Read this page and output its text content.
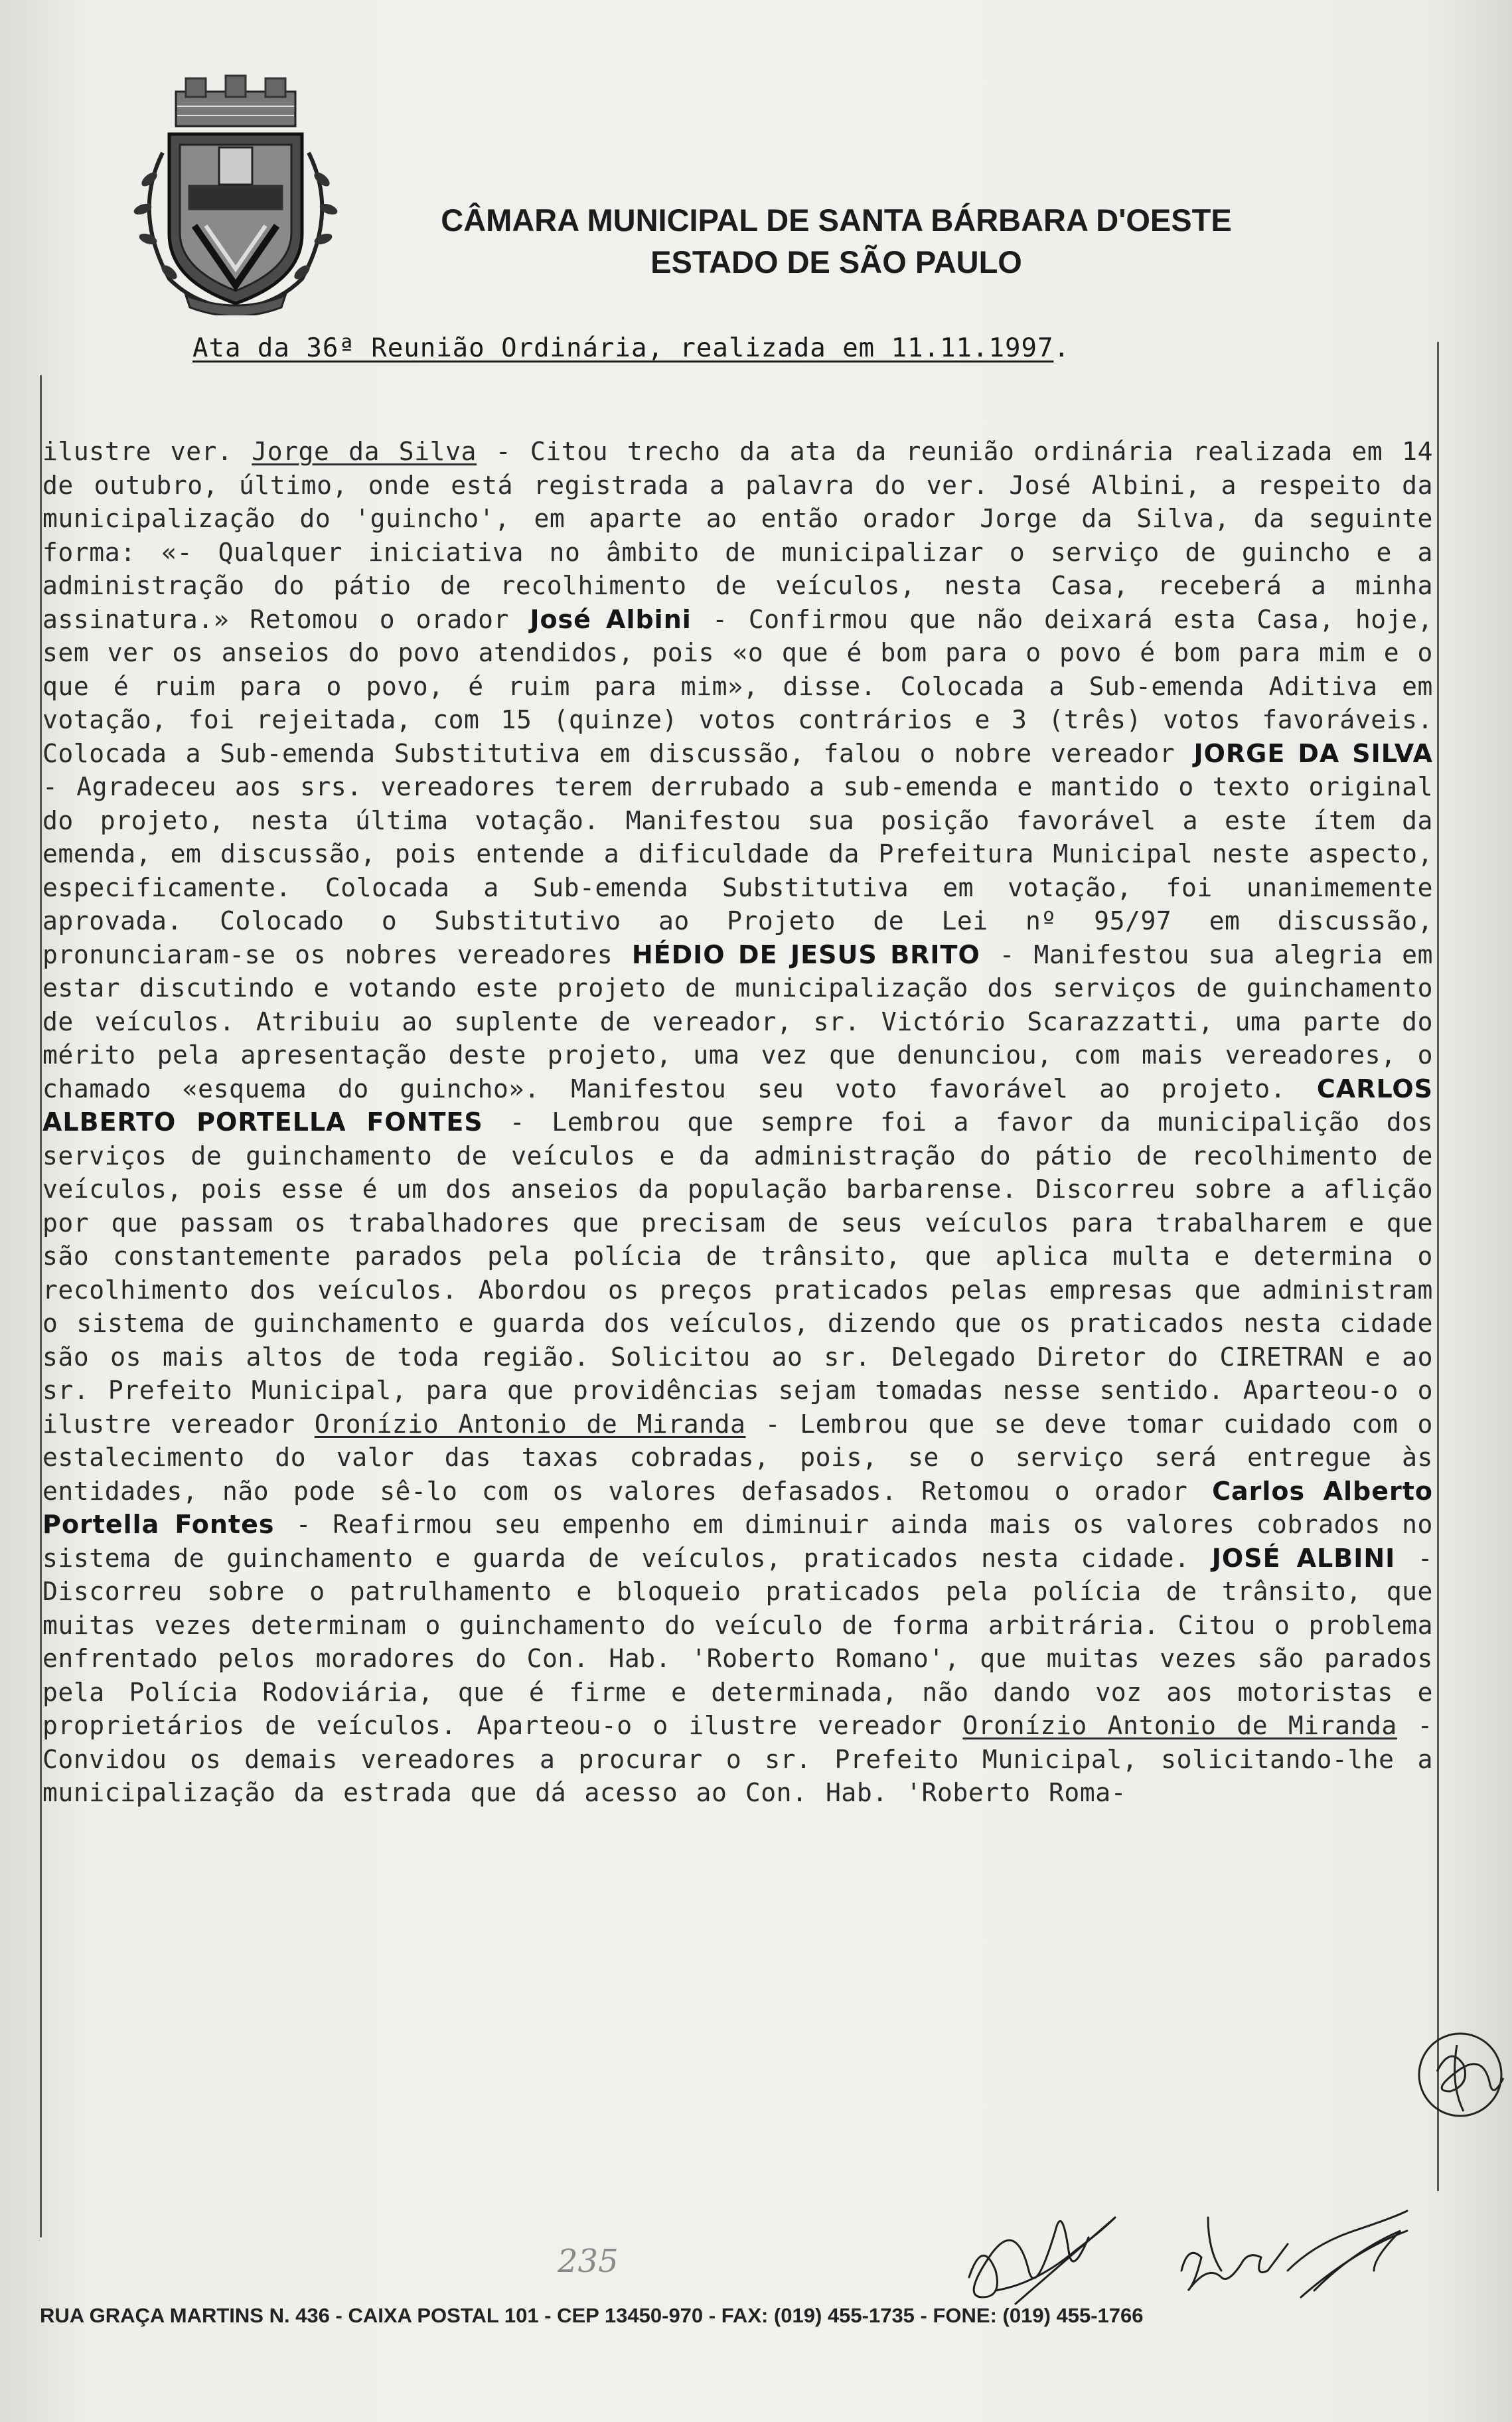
CÂMARA MUNICIPAL DE SANTA BÁRBARA D'OESTE
ESTADO DE SÃO PAULO
Ata da 36ª Reunião Ordinária, realizada em 11.11.1997.

ilustre ver. Jorge da Silva - Citou trecho da ata da reunião ordinária realizada em 14 de outubro, último, onde está registrada a palavra do ver. José Albini, a respeito da municipalização do 'guincho', em aparte ao então orador Jorge da Silva, da seguinte forma: «- Qualquer iniciativa no âmbito de municipalizar o serviço de guincho e a administração do pátio de recolhimento de veículos, nesta Casa, receberá a minha assinatura.» Retomou o orador José Albini - Confirmou que não deixará esta Casa, hoje, sem ver os anseios do povo atendidos, pois «o que é bom para o povo é bom para mim e o que é ruim para o povo, é ruim para mim», disse. Colocada a Sub-emenda Aditiva em votação, foi rejeitada, com 15 (quinze) votos contrários e 3 (três) votos favoráveis. Colocada a Sub-emenda Substitutiva em discussão, falou o nobre vereador JORGE DA SILVA - Agradeceu aos srs. vereadores terem derrubado a sub-emenda e mantido o texto original do projeto, nesta última votação. Manifestou sua posição favorável a este ítem da emenda, em discussão, pois entende a dificuldade da Prefeitura Municipal neste aspecto, especificamente. Colocada a Sub-emenda Substitutiva em votação, foi unanimemente aprovada. Colocado o Substitutivo ao Projeto de Lei nº 95/97 em discussão, pronunciaram-se os nobres vereadores HÉDIO DE JESUS BRITO - Manifestou sua alegria em estar discutindo e votando este projeto de municipalização dos serviços de guinchamento de veículos. Atribuiu ao suplente de vereador, sr. Victório Scarazzatti, uma parte do mérito pela apresentação deste projeto, uma vez que denunciou, com mais vereadores, o chamado «esquema do guincho». Manifestou seu voto favorável ao projeto. CARLOS ALBERTO PORTELLA FONTES - Lembrou que sempre foi a favor da municipalição dos serviços de guinchamento de veículos e da administração do pátio de recolhimento de veículos, pois esse é um dos anseios da população barbarense. Discorreu sobre a aflição por que passam os trabalhadores que precisam de seus veículos para trabalharem e que são constantemente parados pela polícia de trânsito, que aplica multa e determina o recolhimento dos veículos. Abordou os preços praticados pelas empresas que administram o sistema de guinchamento e guarda dos veículos, dizendo que os praticados nesta cidade são os mais altos de toda região. Solicitou ao sr. Delegado Diretor do CIRETRAN e ao sr. Prefeito Municipal, para que providências sejam tomadas nesse sentido. Aparteou-o o ilustre vereador Oronízio Antonio de Miranda - Lembrou que se deve tomar cuidado com o estalecimento do valor das taxas cobradas, pois, se o serviço será entregue às entidades, não pode sê-lo com os valores defasados. Retomou o orador Carlos Alberto Portella Fontes - Reafirmou seu empenho em diminuir ainda mais os valores cobrados no sistema de guinchamento e guarda de veículos, praticados nesta cidade. JOSÉ ALBINI - Discorreu sobre o patrulhamento e bloqueio praticados pela polícia de trânsito, que muitas vezes determinam o guinchamento do veículo de forma arbitrária. Citou o problema enfrentado pelos moradores do Con. Hab. 'Roberto Romano', que muitas vezes são parados pela Polícia Rodoviária, que é firme e determinada, não dando voz aos motoristas e proprietários de veículos. Aparteou-o o ilustre vereador Oronízio Antonio de Miranda - Convidou os demais vereadores a procurar o sr. Prefeito Municipal, solicitando-lhe a municipalização da estrada que dá acesso ao Con. Hab. 'Roberto Roma-

235
RUA GRAÇA MARTINS N. 436 - CAIXA POSTAL 101 - CEP 13450-970 - FAX: (019) 455-1735 - FONE: (019) 455-1766
